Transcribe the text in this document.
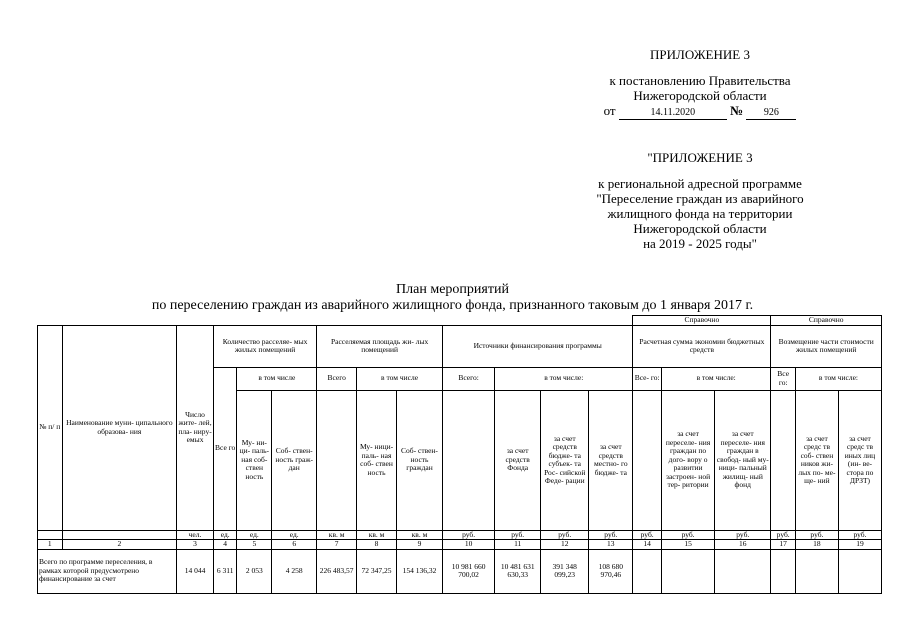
ПРИЛОЖЕНИЕ 3
к постановлению Правительства
Нижегородской области
от	14.11.2020	№ 926
"ПРИЛОЖЕНИЕ 3
к региональной адресной программе
"Переселение граждан из аварийного
жилищного фонда на территории
Нижегородской области
на 2019 - 2025 годы"
План мероприятий
по переселению граждан из аварийного жилищного фонда, признанного таковым до 1 января 2017 г.
													Справочно			Справочно		
№ п/ п	Наименование муни- ципального образова- ния	Число жите- лей, пла- ниру- емых	Количество расселяе- мых жилых помещений			Расселяемая площадь жи- лых помещений			Источники финансирования программы				Расчетная сумма экономии бюджетных средств			Возмещение части стоимости жилых помещений		
			Все го	в том числе		Всего	в том числе		Всего:	в том числе:			Все- го:	в том числе:		Все го:	в том числе:	
				Му- ни- ци- паль- ная соб- ствен ность	Соб- ствен- ность граж- дан		Му- ници- паль- ная соб- ствен ность	Соб- ствен- ность граждан		за счет средств Фонда	за счет средств бюдже- та субъек- та Рос- сийской Феде- рации	за счет средств местно- го бюдже- та		за счет переселе- ния граждан по дого- вору о развитии застроен- ной тер- ритории	за счет переселе- ния граждан в свобод- ный му- ници- пальный жилищ- ный фонд		за счет средс тв соб- ствен ников жи- лых по- ме- ще- ний	за счет средс тв иных лиц (ин- ве- стора по ДРЗТ)
		чел.	ед.	ед.	ед.	кв. м	кв. м	кв. м	руб.	руб.	руб.	руб.	руб.	руб.	руб.	руб.	руб.	руб.
1	2	3	4	5	6	7	8	9	10	11	12	13	14	15	16	17	18	19
Всего по программе переселения, в рамках которой предусмотрено финансирование за счет		14 044	6 311	2 053	4 258	226 483,57	72 347,25	154 136,32	10 981 660 700,02	10 481 631 630,33	391 348 099,23	108 680 970,46						
